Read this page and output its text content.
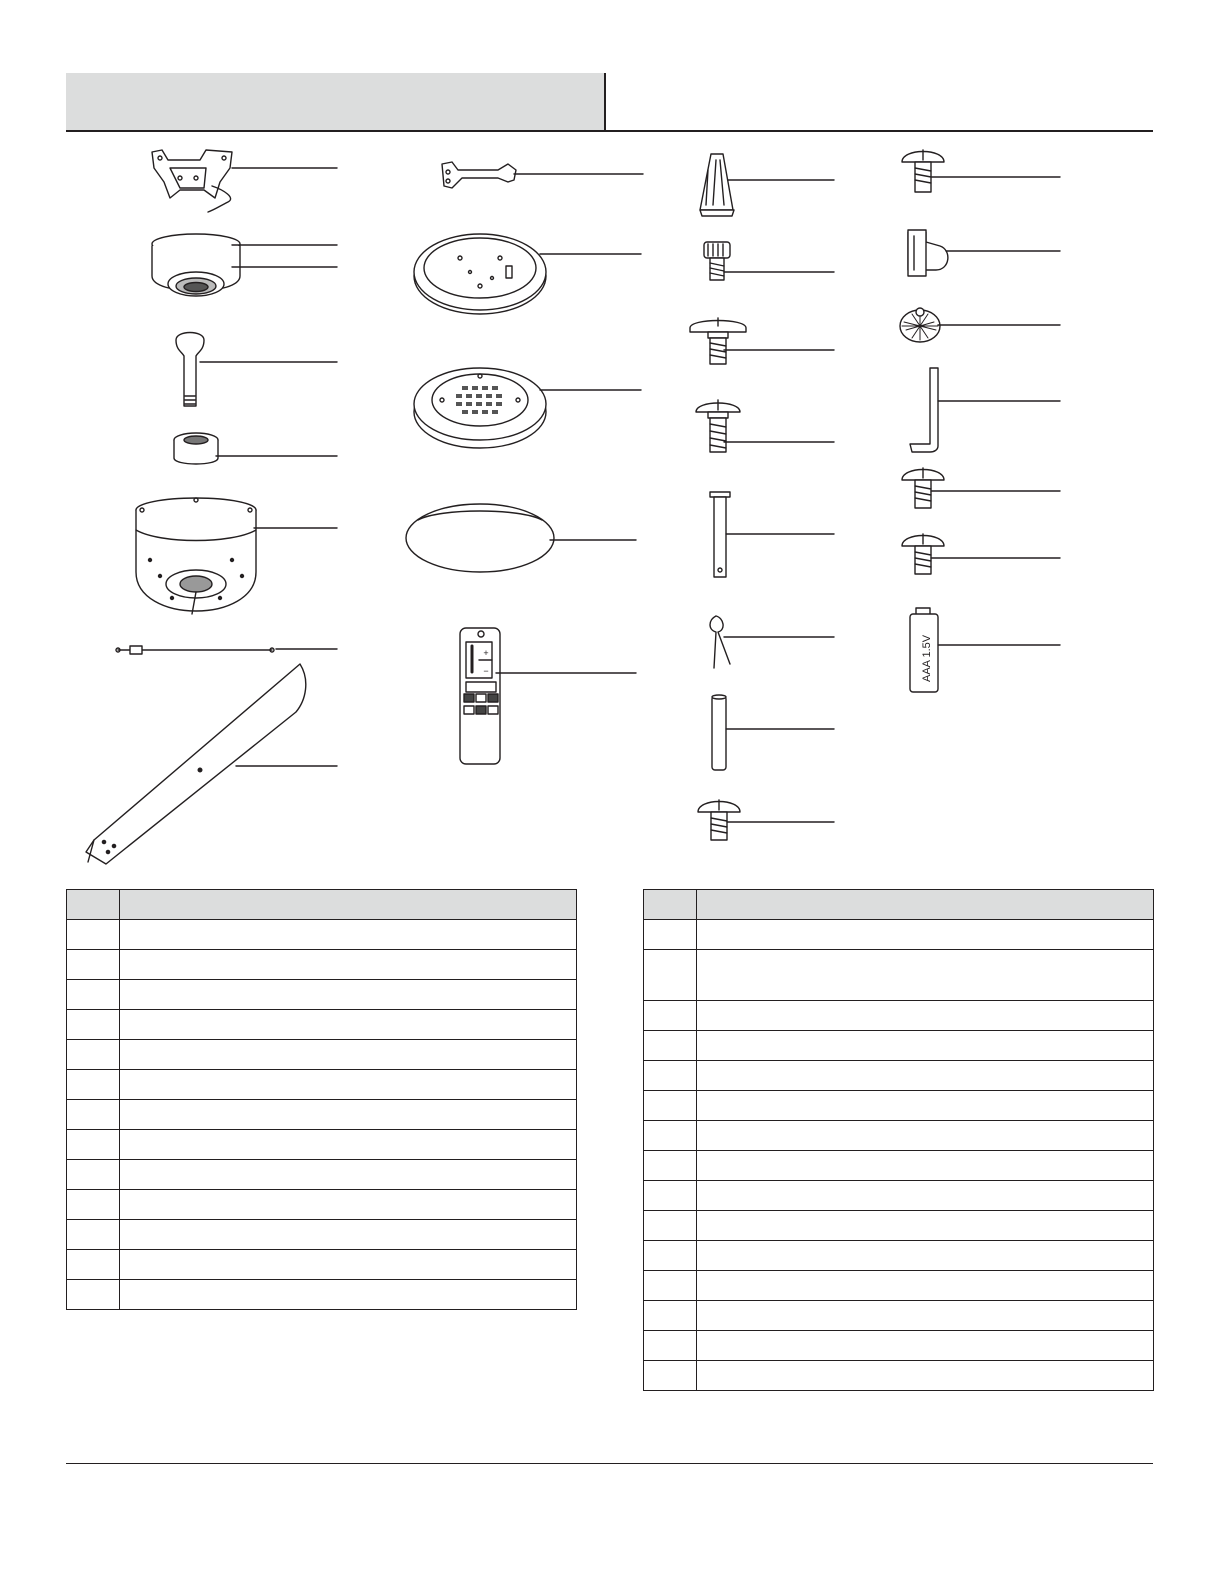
+
−	AAA 1.5V
